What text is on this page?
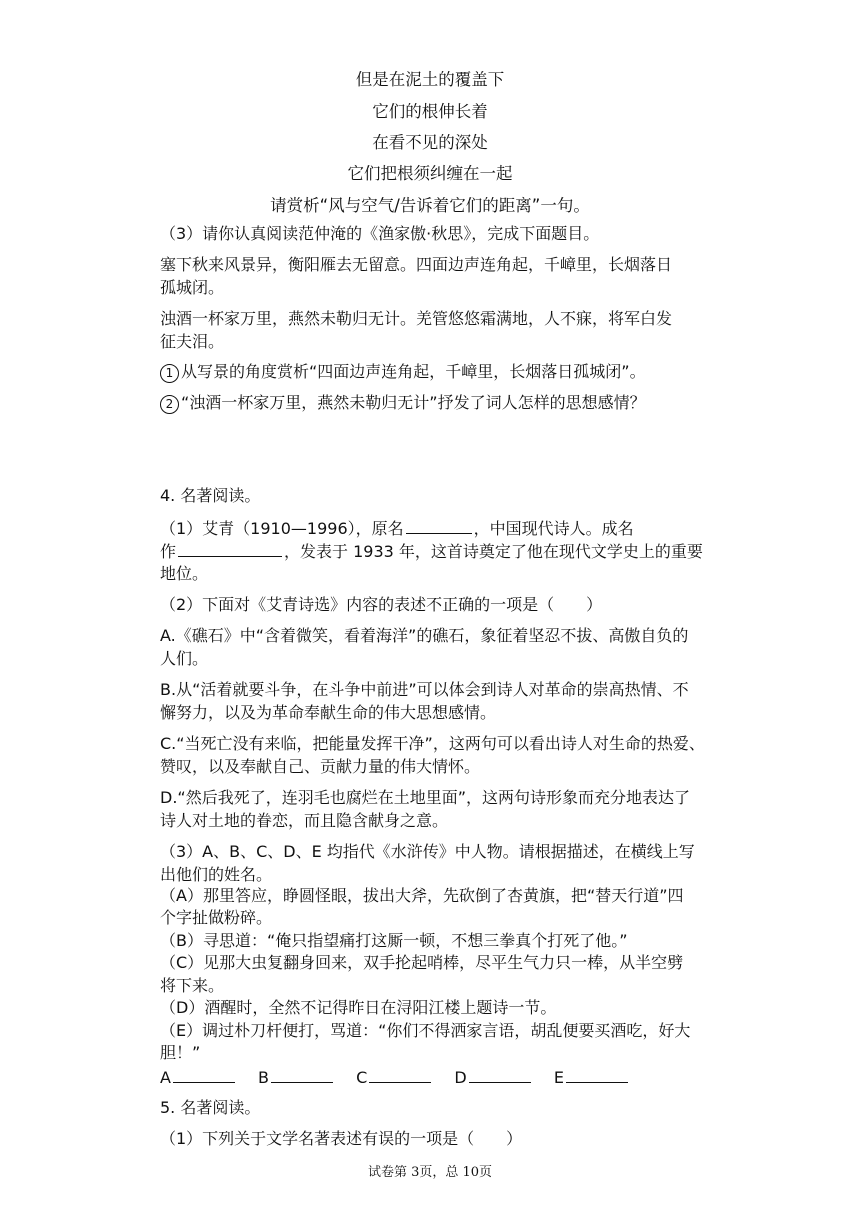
但是在泥土的覆盖下
它们的根伸长着
在看不见的深处
它们把根须纠缠在一起
请赏析“风与空气/告诉着它们的距离”一句。
（3）请你认真阅读范仲淹的《渔家傲·秋思》，完成下面题目。
塞下秋来风景异，衡阳雁去无留意。四面边声连角起，千嶂里，长烟落日
孤城闭。
浊酒一杯家万里，燕然未勒归无计。羌管悠悠霜满地，人不寐，将军白发
征夫泪。
1 从写景的角度赏析“四面边声连角起，千嶂里，长烟落日孤城闭”。
2 “浊酒一杯家万里，燕然未勒归无计”抒发了词人怎样的思想感情？
4. 名著阅读。
（1）艾青（1910—1996），原名	，中国现代诗人。成名
作	，发表于 1933 年，这首诗奠定了他在现代文学史上的重要
地位。
（2）下面对《艾青诗选》内容的表述不正确的一项是（　　）
A.《礁石》中“含着微笑，看着海洋”的礁石，象征着坚忍不拔、高傲自负的
人们。
B.从“活着就要斗争，在斗争中前进”可以体会到诗人对革命的崇高热情、不
懈努力，以及为革命奉献生命的伟大思想感情。
C.“当死亡没有来临，把能量发挥干净”，这两句可以看出诗人对生命的热爱、
赞叹，以及奉献自己、贡献力量的伟大情怀。
D.“然后我死了，连羽毛也腐烂在土地里面”，这两句诗形象而充分地表达了
诗人对土地的眷恋，而且隐含献身之意。
（3）A、B、C、D、E 均指代《水浒传》中人物。请根据描述，在横线上写
出他们的姓名。
（A）那里答应，睁圆怪眼，拔出大斧，先砍倒了杏黄旗，把“替天行道”四
个字扯做粉碎。
（B）寻思道：“俺只指望痛打这厮一顿，不想三拳真个打死了他。”
（C）见那大虫复翻身回来，双手抡起哨棒，尽平生气力只一棒，从半空劈
将下来。
（D）酒醒时，全然不记得昨日在浔阳江楼上题诗一节。
（E）调过朴刀杆便打，骂道：“你们不得洒家言语，胡乱便要买酒吃，好大
胆！”
A	B	C	D	E
5. 名著阅读。
（1）下列关于文学名著表述有误的一项是（　　）
试卷第 3页，总 10页
